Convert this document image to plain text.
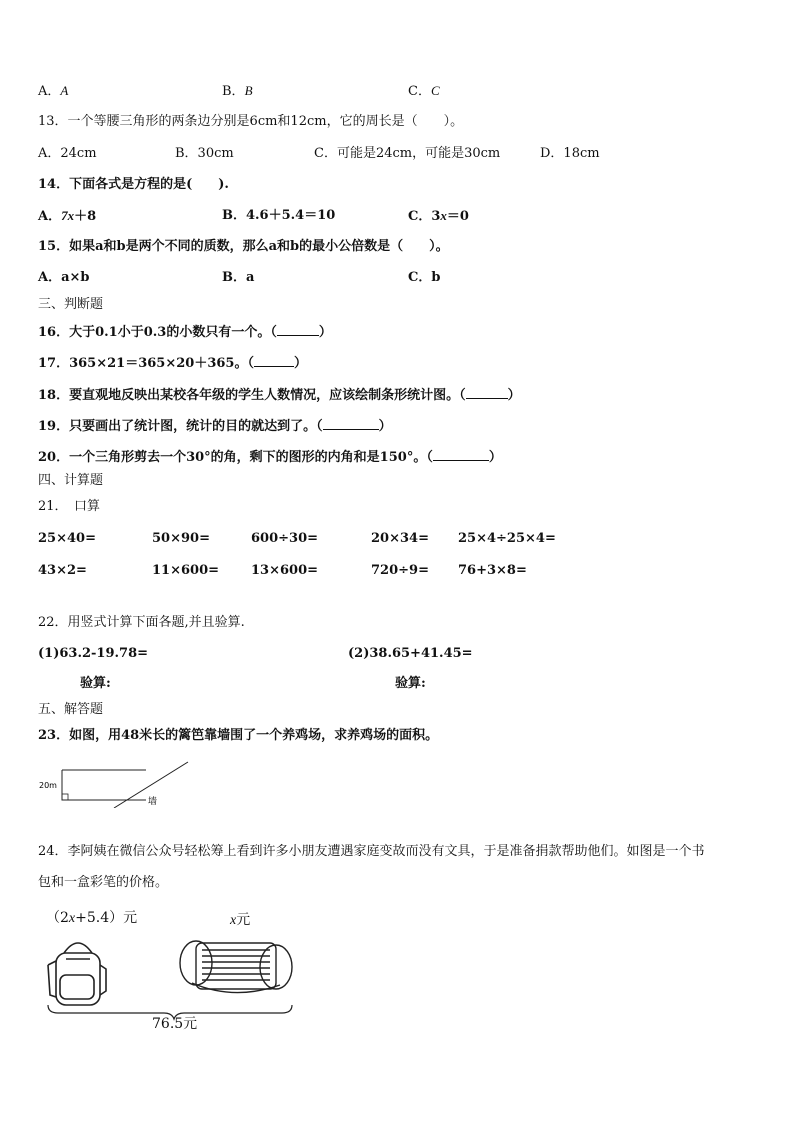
A．A	B．B	C．C
13．一个等腰三角形的两条边分别是6cm和12cm，它的周长是（　　）。
A．24cm	B．30cm	C．可能是24cm，可能是30cm	D．18cm
14．下面各式是方程的是(　　).
A．7x＋8	B．4.6＋5.4＝10	C．3x＝0
15．如果a和b是两个不同的质数，那么a和b的最小公倍数是（　　）。
A．a×b	B．a	C．b
三、判断题
16．大于0.1小于0.3的小数只有一个。（	）
17．365×21＝365×20＋365。（	）
18．要直观地反映出某校各年级的学生人数情况，应该绘制条形统计图。（	）
19．只要画出了统计图，统计的目的就达到了。（	）
20．一个三角形剪去一个30°的角，剩下的图形的内角和是150°。（	）
四、计算题
21．　口算
25×40=	50×90=	600÷30=	20×34= 25×4÷25×4=
43×2=	11×600= 13×600=	720÷9= 76+3×8=
22．用竖式计算下面各题,并且验算.
(1)63.2-19.78=	(2)38.65+41.45=
验算:	验算:
五、解答题
23．如图，用48米长的篱笆靠墙围了一个养鸡场，求养鸡场的面积。
20m
墙
24．李阿姨在微信公众号轻松筹上看到许多小朋友遭遇家庭变故而没有文具，于是准备捐款帮助他们。如图是一个书
包和一盒彩笔的价格。
（2x+5.4）元	x元
76.5元
